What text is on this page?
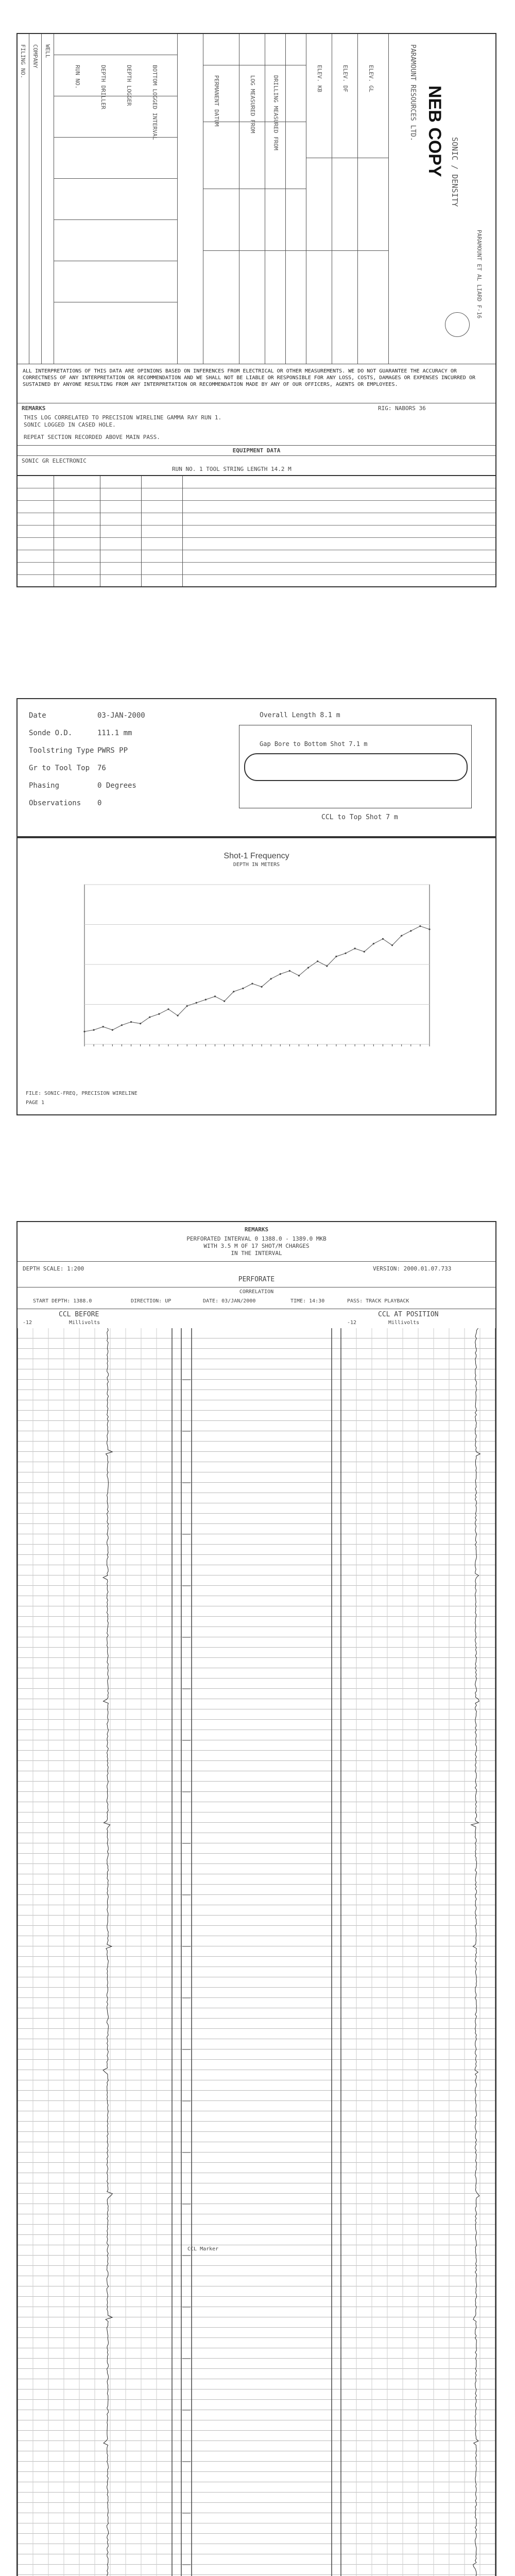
FILING NO. COMPANY WELL
PERMANENT DATUM	LOG MEASURED FROM	DRILLING MEASURED FROM	ELEV. KB	ELEV. DF	ELEV. GL
RUN NO.	DEPTH DRILLER	DEPTH LOGGER	BOTTOM LOGGED INTERVAL	PARAMOUNT RESOURCES LTD.
SONIC / DENSITY
NEB COPY
PARAMOUNT ET AL LIARD F-16
ALL INTERPRETATIONS OF THIS DATA ARE OPINIONS BASED ON INFERENCES FROM ELECTRICAL OR OTHER MEASUREMENTS. WE DO NOT GUARANTEE THE ACCURACY OR CORRECTNESS OF ANY INTERPRETATION OR RECOMMENDATION AND WE SHALL NOT BE LIABLE OR RESPONSIBLE FOR ANY LOSS, COSTS, DAMAGES OR EXPENSES INCURRED OR SUSTAINED BY ANYONE RESULTING FROM ANY INTERPRETATION OR RECOMMENDATION MADE BY ANY OF OUR OFFICERS, AGENTS OR EMPLOYEES.
REMARKS	RIG: NABORS 36
THIS LOG CORRELATED TO PRECISION WIRELINE GAMMA RAY RUN 1.
SONIC LOGGED IN CASED HOLE.
REPEAT SECTION RECORDED ABOVE MAIN PASS.
EQUIPMENT DATA
SONIC GR ELECTRONIC
RUN NO. 1 TOOL STRING LENGTH 14.2 M
Date	03-JAN-2000
Sonde O.D.	111.1 mm
Toolstring Type PWRS PP
Gr to Tool Top 76
Phasing	0 Degrees
Observations 0
Overall Length 8.1 m
Gap Bore to Bottom Shot 7.1 m
CCL to Top Shot 7 m
Shot-1 Frequency
DEPTH IN METERS
FILE: SONIC-FREQ, PRECISION WIRELINE
PAGE 1
REMARKS
PERFORATED INTERVAL 0 1388.0 - 1389.0 MKB
WITH 3.5 M OF 17 SHOT/M CHARGES
IN THE INTERVAL
DEPTH SCALE: 1:200	VERSION: 2000.01.07.733
PERFORATE
CORRELATION
START DEPTH: 1388.0	DIRECTION: UP	DATE: 03/JAN/2000	TIME: 14:30	PASS: TRACK PLAYBACK
CCL BEFORE	CCL AT POSITION
-12	Millivolts	-12	Millivolts
CCL Marker
